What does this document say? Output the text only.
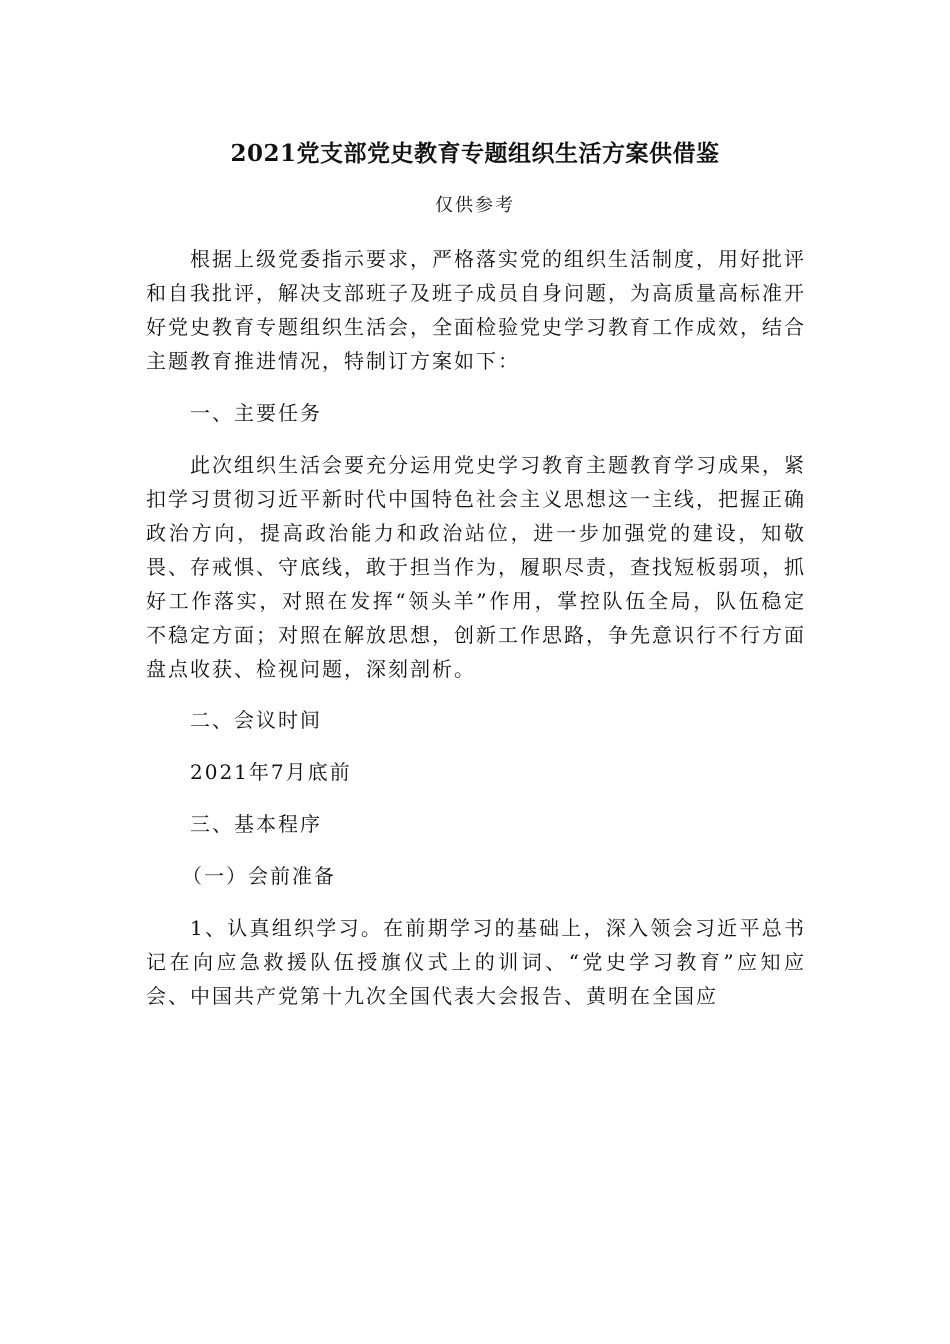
2021党支部党史教育专题组织生活方案供借鉴
仅供参考

根据上级党委指示要求，严格落实党的组织生活制度，用好批评和自我批评，解决支部班子及班子成员自身问题，为高质量高标准开好党史教育专题组织生活会，全面检验党史学习教育工作成效，结合主题教育推进情况，特制订方案如下：

一、主要任务

此次组织生活会要充分运用党史学习教育主题教育学习成果，紧扣学习贯彻习近平新时代中国特色社会主义思想这一主线，把握正确政治方向，提高政治能力和政治站位，进一步加强党的建设，知敬畏、存戒惧、守底线，敢于担当作为，履职尽责，查找短板弱项，抓好工作落实，对照在发挥“领头羊”作用，掌控队伍全局，队伍稳定不稳定方面；对照在解放思想，创新工作思路，争先意识行不行方面盘点收获、检视问题，深刻剖析。

二、会议时间

2021年7月底前

三、基本程序

（一）会前准备

1、认真组织学习。在前期学习的基础上，深入领会习近平总书记在向应急救援队伍授旗仪式上的训词、“党史学习教育”应知应会、中国共产党第十九次全国代表大会报告、黄明在全国应
